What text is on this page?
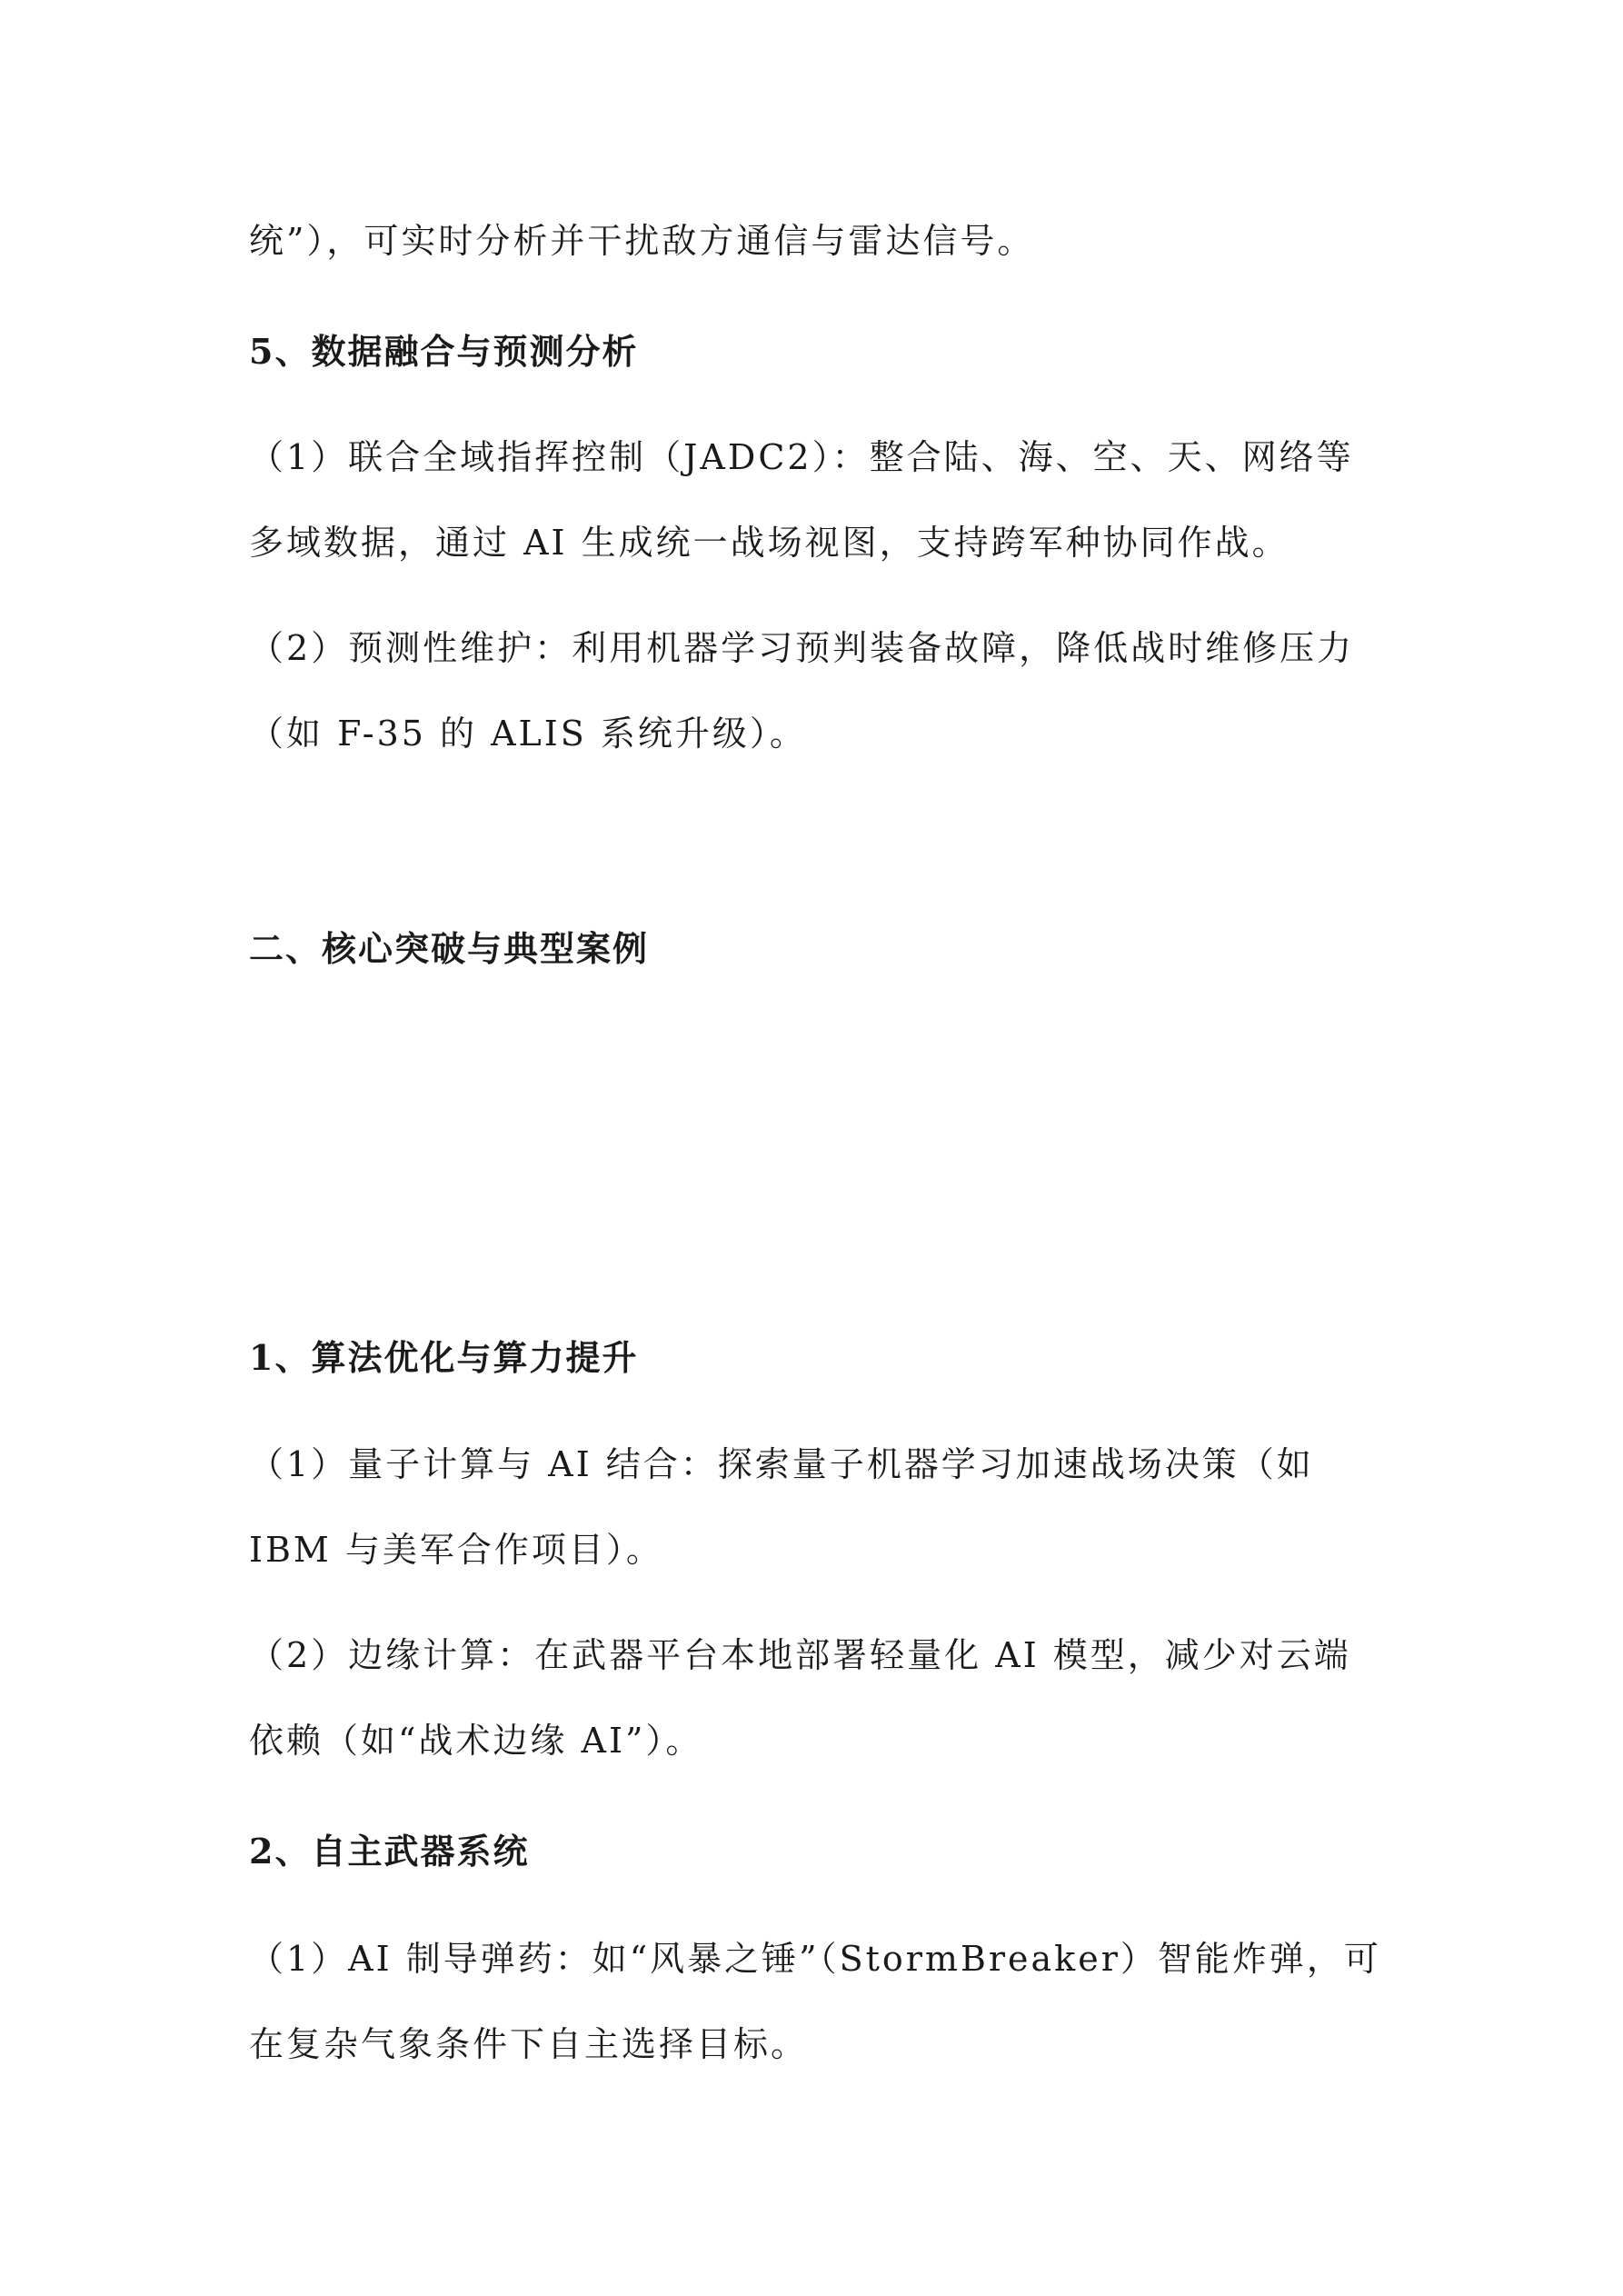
统”），可实时分析并干扰敌方通信与雷达信号。
5、数据融合与预测分析
（1）联合全域指挥控制（JADC2）：整合陆、海、空、天、网络等
多域数据，通过 AI 生成统一战场视图，支持跨军种协同作战。
（2）预测性维护：利用机器学习预判装备故障，降低战时维修压力
（如 F-35 的 ALIS 系统升级）。
二、核心突破与典型案例
1、算法优化与算力提升
（1）量子计算与 AI 结合：探索量子机器学习加速战场决策（如
IBM 与美军合作项目）。
（2）边缘计算：在武器平台本地部署轻量化 AI 模型，减少对云端
依赖（如“战术边缘 AI”）。
2、自主武器系统
（1）AI 制导弹药：如“风暴之锤”（StormBreaker）智能炸弹，可
在复杂气象条件下自主选择目标。
